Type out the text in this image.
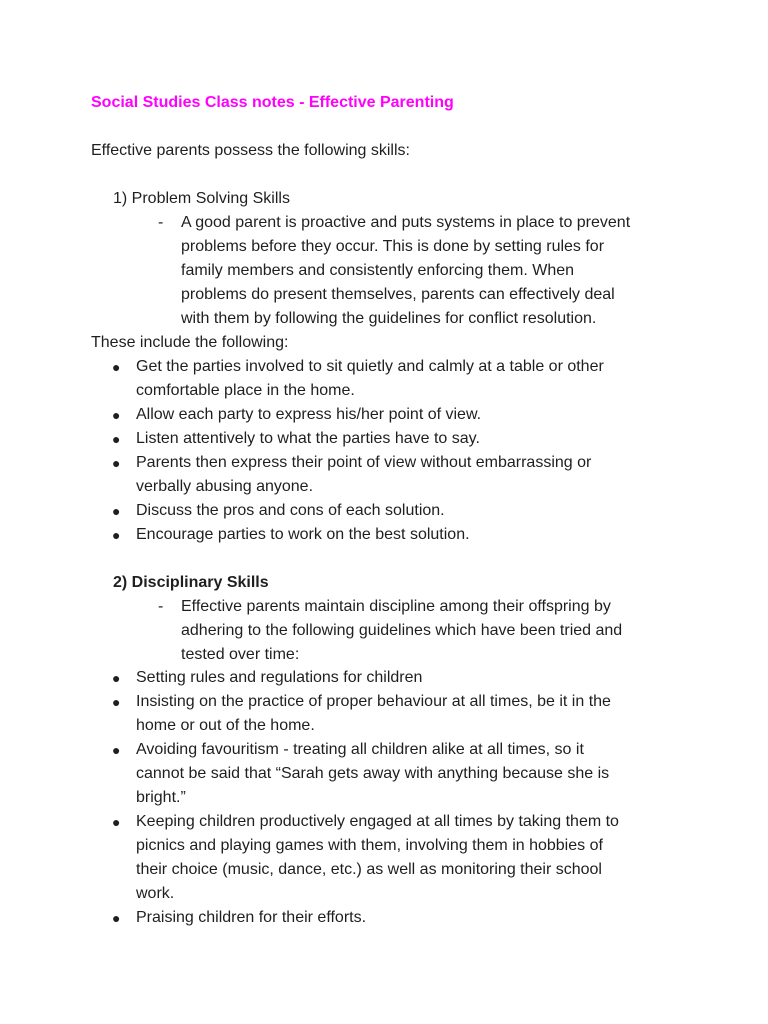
Social Studies Class notes - Effective Parenting
Effective parents possess the following skills:
1) Problem Solving Skills
- A good parent is proactive and puts systems in place to prevent
problems before they occur. This is done by setting rules for
family members and consistently enforcing them. When
problems do present themselves, parents can effectively deal
with them by following the guidelines for conflict resolution.
These include the following:
● Get the parties involved to sit quietly and calmly at a table or other
comfortable place in the home.
● Allow each party to express his/her point of view.
● Listen attentively to what the parties have to say.
● Parents then express their point of view without embarrassing or
verbally abusing anyone.
● Discuss the pros and cons of each solution.
● Encourage parties to work on the best solution.
2) Disciplinary Skills
- Effective parents maintain discipline among their offspring by
adhering to the following guidelines which have been tried and
tested over time:
● Setting rules and regulations for children
● Insisting on the practice of proper behaviour at all times, be it in the
home or out of the home.
● Avoiding favouritism - treating all children alike at all times, so it
cannot be said that “Sarah gets away with anything because she is
bright.”
● Keeping children productively engaged at all times by taking them to
picnics and playing games with them, involving them in hobbies of
their choice (music, dance, etc.) as well as monitoring their school
work.
● Praising children for their efforts.
